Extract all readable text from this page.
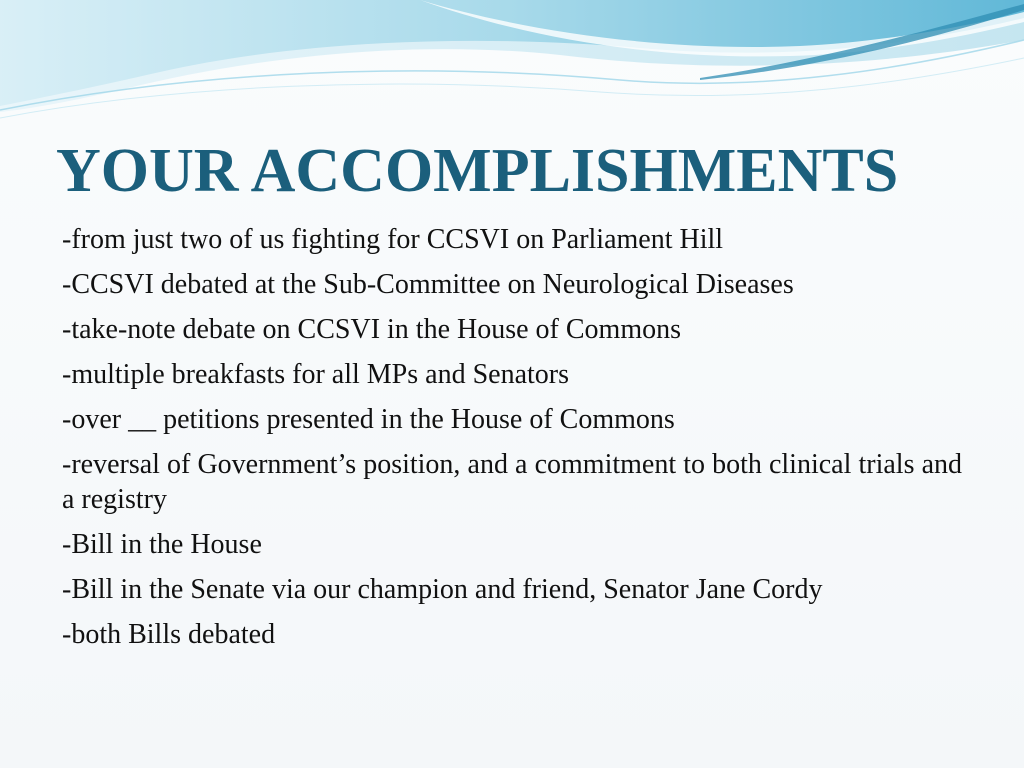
YOUR ACCOMPLISHMENTS
-from just two of us fighting for CCSVI on Parliament Hill
-CCSVI debated at the Sub-Committee on Neurological Diseases
-take-note debate on CCSVI in the House of Commons
-multiple breakfasts for all MPs and Senators
-over __ petitions presented in the House of Commons
-reversal of Government’s position, and a commitment to both clinical trials and a registry
-Bill in the House
-Bill in the Senate via our champion and friend, Senator Jane Cordy
-both Bills debated
